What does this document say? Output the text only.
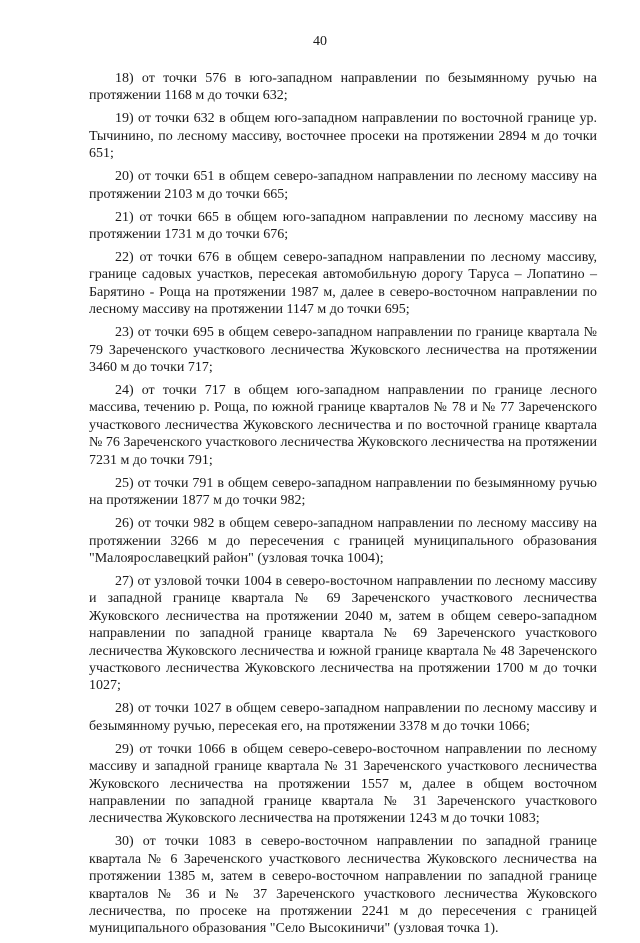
40

18) от точки 576 в юго-западном направлении по безымянному ручью на протяжении 1168 м до точки 632;

19) от точки 632 в общем юго-западном направлении по восточной границе ур. Тычинино, по лесному массиву, восточнее просеки на протяжении 2894 м до точки 651;

20) от точки 651 в общем северо-западном направлении по лесному массиву на протяжении 2103 м до точки 665;

21) от точки 665 в общем юго-западном направлении по лесному массиву на протяжении 1731 м до точки 676;

22) от точки 676 в общем северо-западном направлении по лесному массиву, границе садовых участков, пересекая автомобильную дорогу Таруса – Лопатино – Барятино - Роща на протяжении 1987 м, далее в северо-восточном направлении по лесному массиву на протяжении 1147 м до точки 695;

23) от точки 695 в общем северо-западном направлении по границе квартала № 79 Зареченского участкового лесничества Жуковского лесничества на протяжении 3460 м до точки 717;

24) от точки 717 в общем юго-западном направлении по границе лесного массива, течению р. Роща, по южной границе кварталов № 78 и № 77 Зареченского участкового лесничества Жуковского лесничества и по восточной границе квартала № 76 Зареченского участкового лесничества Жуковского лесничества на протяжении 7231 м до точки 791;

25) от точки 791 в общем северо-западном направлении по безымянному ручью на протяжении 1877 м до точки 982;

26) от точки 982 в общем северо-западном направлении по лесному массиву на протяжении 3266 м до пересечения с границей муниципального образования "Малоярославецкий район" (узловая точка 1004);

27) от узловой точки 1004 в северо-восточном направлении по лесному массиву и западной границе квартала № 69 Зареченского участкового лесничества Жуковского лесничества на протяжении 2040 м, затем в общем северо-западном направлении по западной границе квартала № 69 Зареченского участкового лесничества Жуковского лесничества и южной границе квартала № 48 Зареченского участкового лесничества Жуковского лесничества на протяжении 1700 м до точки 1027;

28) от точки 1027 в общем северо-западном направлении по лесному массиву и безымянному ручью, пересекая его, на протяжении 3378 м до точки 1066;

29) от точки 1066 в общем северо-северо-восточном направлении по лесному массиву и западной границе квартала № 31 Зареченского участкового лесничества Жуковского лесничества на протяжении 1557 м, далее в общем восточном направлении по западной границе квартала № 31 Зареченского участкового лесничества Жуковского лесничества на протяжении 1243 м до точки 1083;

30) от точки 1083 в северо-восточном направлении по западной границе квартала № 6 Зареченского участкового лесничества Жуковского лесничества на протяжении 1385 м, затем в северо-восточном направлении по западной границе кварталов № 36 и № 37 Зареченского участкового лесничества Жуковского лесничества, по просеке на протяжении 2241 м до пересечения с границей муниципального образования "Село Высокиничи" (узловая точка 1).
